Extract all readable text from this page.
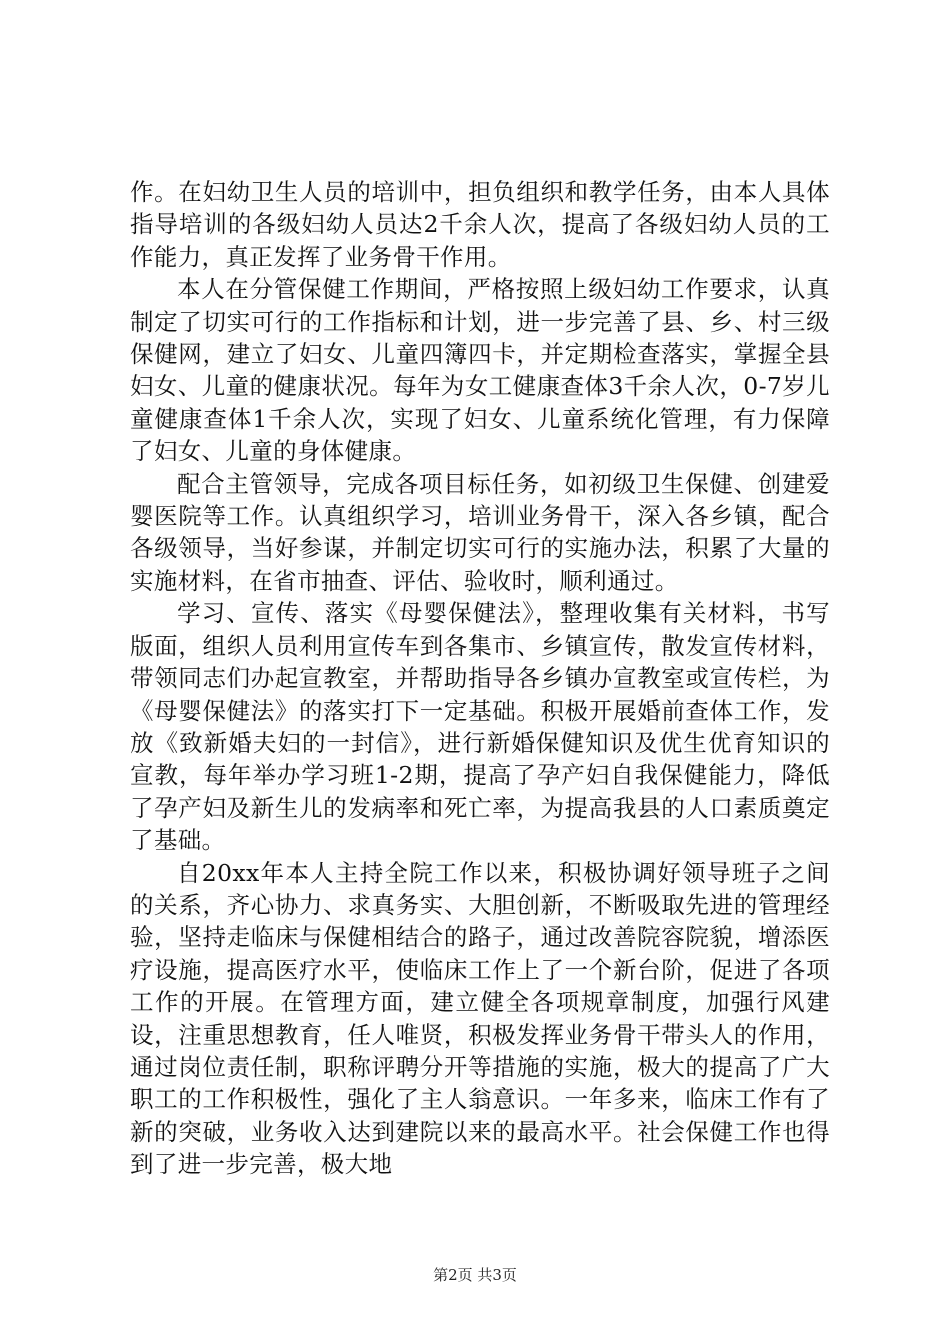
作。在妇幼卫生人员的培训中，担负组织和教学任务，由本人具体指导培训的各级妇幼人员达2千余人次，提高了各级妇幼人员的工作能力，真正发挥了业务骨干作用。

本人在分管保健工作期间，严格按照上级妇幼工作要求，认真制定了切实可行的工作指标和计划，进一步完善了县、乡、村三级保健网，建立了妇女、儿童四簿四卡，并定期检查落实，掌握全县妇女、儿童的健康状况。每年为女工健康查体3千余人次，0-7岁儿童健康查体1千余人次，实现了妇女、儿童系统化管理，有力保障了妇女、儿童的身体健康。

配合主管领导，完成各项目标任务，如初级卫生保健、创建爱婴医院等工作。认真组织学习，培训业务骨干，深入各乡镇，配合各级领导，当好参谋，并制定切实可行的实施办法，积累了大量的实施材料，在省市抽查、评估、验收时，顺利通过。

学习、宣传、落实《母婴保健法》，整理收集有关材料，书写版面，组织人员利用宣传车到各集市、乡镇宣传，散发宣传材料，带领同志们办起宣教室，并帮助指导各乡镇办宣教室或宣传栏，为《母婴保健法》的落实打下一定基础。积极开展婚前查体工作，发放《致新婚夫妇的一封信》，进行新婚保健知识及优生优育知识的宣教，每年举办学习班1-2期，提高了孕产妇自我保健能力，降低了孕产妇及新生儿的发病率和死亡率，为提高我县的人口素质奠定了基础。

自20xx年本人主持全院工作以来，积极协调好领导班子之间的关系，齐心协力、求真务实、大胆创新，不断吸取先进的管理经验，坚持走临床与保健相结合的路子，通过改善院容院貌，增添医疗设施，提高医疗水平，使临床工作上了一个新台阶，促进了各项工作的开展。在管理方面，建立健全各项规章制度，加强行风建设，注重思想教育，任人唯贤，积极发挥业务骨干带头人的作用，通过岗位责任制，职称评聘分开等措施的实施，极大的提高了广大职工的工作积极性，强化了主人翁意识。一年多来，临床工作有了新的突破，业务收入达到建院以来的最高水平。社会保健工作也得到了进一步完善，极大地

第2页 共3页
